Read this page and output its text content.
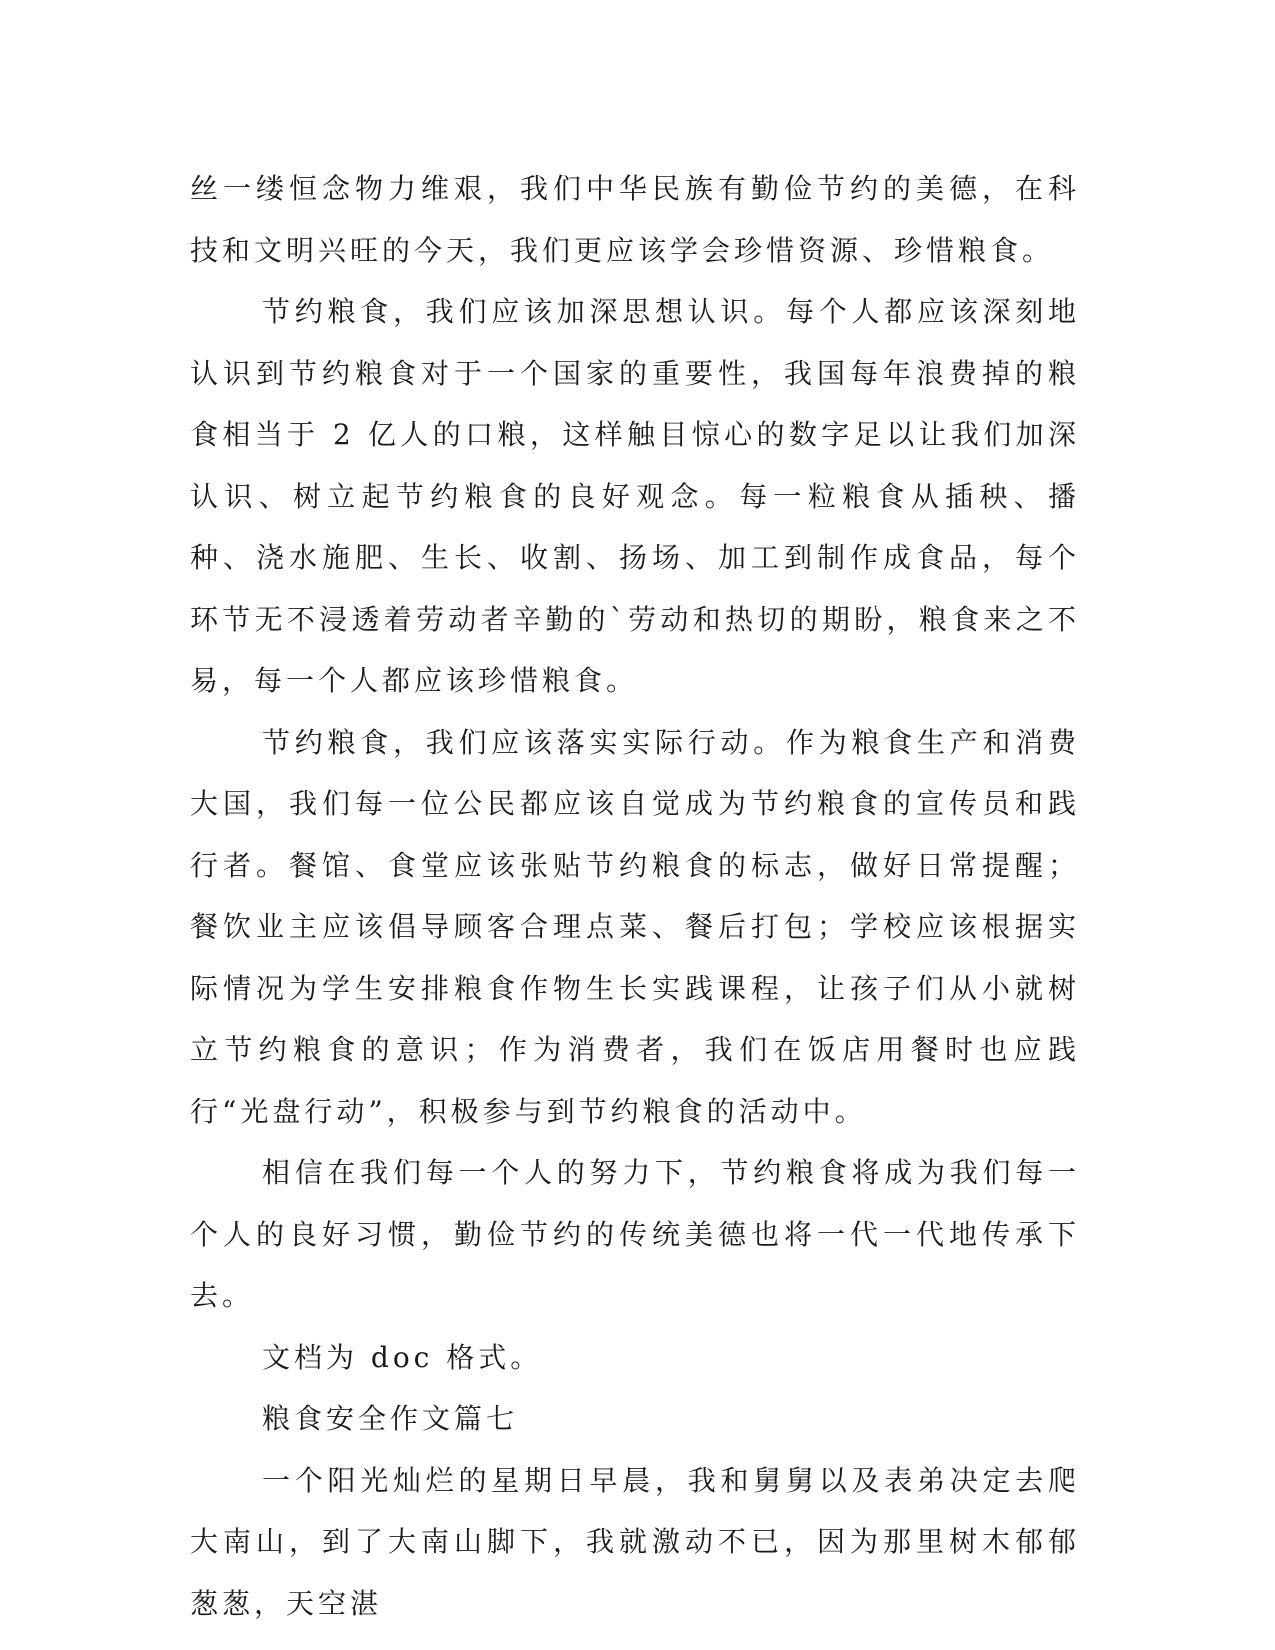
丝一缕恒念物力维艰，我们中华民族有勤俭节约的美德，在科技和文明兴旺的今天，我们更应该学会珍惜资源、珍惜粮食。

节约粮食，我们应该加深思想认识。每个人都应该深刻地认识到节约粮食对于一个国家的重要性，我国每年浪费掉的粮食相当于 2 亿人的口粮，这样触目惊心的数字足以让我们加深认识、树立起节约粮食的良好观念。每一粒粮食从插秧、播种、浇水施肥、生长、收割、扬场、加工到制作成食品，每个环节无不浸透着劳动者辛勤的`劳动和热切的期盼，粮食来之不易，每一个人都应该珍惜粮食。

节约粮食，我们应该落实实际行动。作为粮食生产和消费大国，我们每一位公民都应该自觉成为节约粮食的宣传员和践行者。餐馆、食堂应该张贴节约粮食的标志，做好日常提醒；餐饮业主应该倡导顾客合理点菜、餐后打包；学校应该根据实际情况为学生安排粮食作物生长实践课程，让孩子们从小就树立节约粮食的意识；作为消费者，我们在饭店用餐时也应践行“光盘行动”，积极参与到节约粮食的活动中。

相信在我们每一个人的努力下，节约粮食将成为我们每一个人的良好习惯，勤俭节约的传统美德也将一代一代地传承下去。

文档为 doc 格式。

粮食安全作文篇七

一个阳光灿烂的星期日早晨，我和舅舅以及表弟决定去爬大南山，到了大南山脚下，我就激动不已，因为那里树木郁郁葱葱，天空湛
